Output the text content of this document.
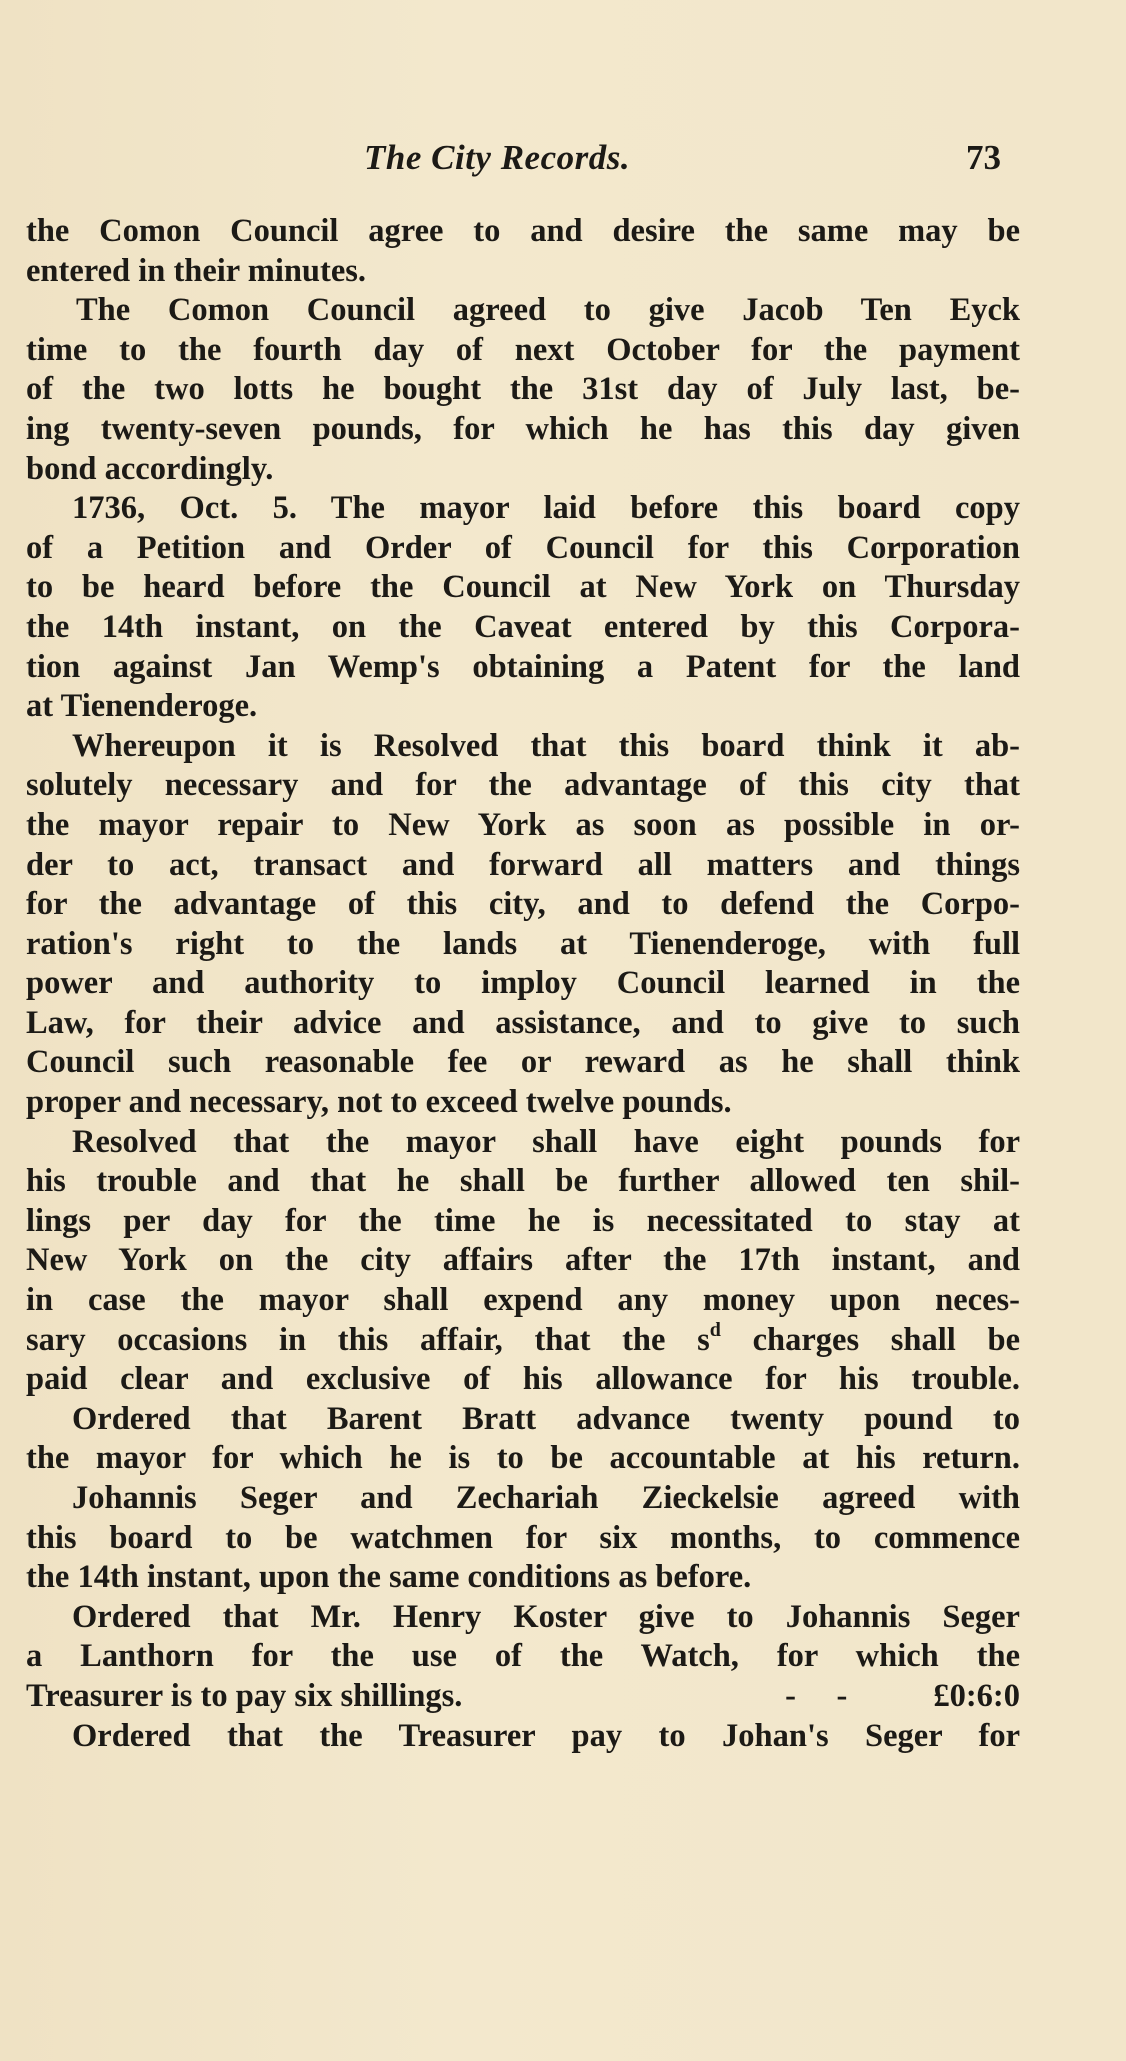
The City Records.	73
the Comon Council agree to and desire the same may be
entered in their minutes.
The Comon Council agreed to give Jacob Ten Eyck
time to the fourth day of next October for the payment
of the two lotts he bought the 31st day of July last, be-
ing twenty-seven pounds, for which he has this day given
bond accordingly.
1736, Oct. 5. The mayor laid before this board copy
of a Petition and Order of Council for this Corporation
to be heard before the Council at New York on Thursday
the 14th instant, on the Caveat entered by this Corpora-
tion against Jan Wemp's obtaining a Patent for the land
at Tienenderoge.
Whereupon it is Resolved that this board think it ab-
solutely necessary and for the advantage of this city that
the mayor repair to New York as soon as possible in or-
der to act, transact and forward all matters and things
for the advantage of this city, and to defend the Corpo-
ration's right to the lands at Tienenderoge, with full
power and authority to imploy Council learned in the
Law, for their advice and assistance, and to give to such
Council such reasonable fee or reward as he shall think
proper and necessary, not to exceed twelve pounds.
Resolved that the mayor shall have eight pounds for
his trouble and that he shall be further allowed ten shil-
lings per day for the time he is necessitated to stay at
New York on the city affairs after the 17th instant, and
in case the mayor shall expend any money upon neces-
sary occasions in this affair, that the $s^d$ charges shall be
paid clear and exclusive of his allowance for his trouble.
Ordered that Barent Bratt advance twenty pound to
the mayor for which he is to be accountable at his return.
Johannis Seger and Zechariah Zieckelsie agreed with
this board to be watchmen for six months, to commence
the 14th instant, upon the same conditions as before.
Ordered that Mr. Henry Koster give to Johannis Seger
a Lanthorn for the use of the Watch, for which the
Treasurer is to pay six shillings.	-     -	£0:6:0
Ordered that the Treasurer pay to Johan's Seger for
